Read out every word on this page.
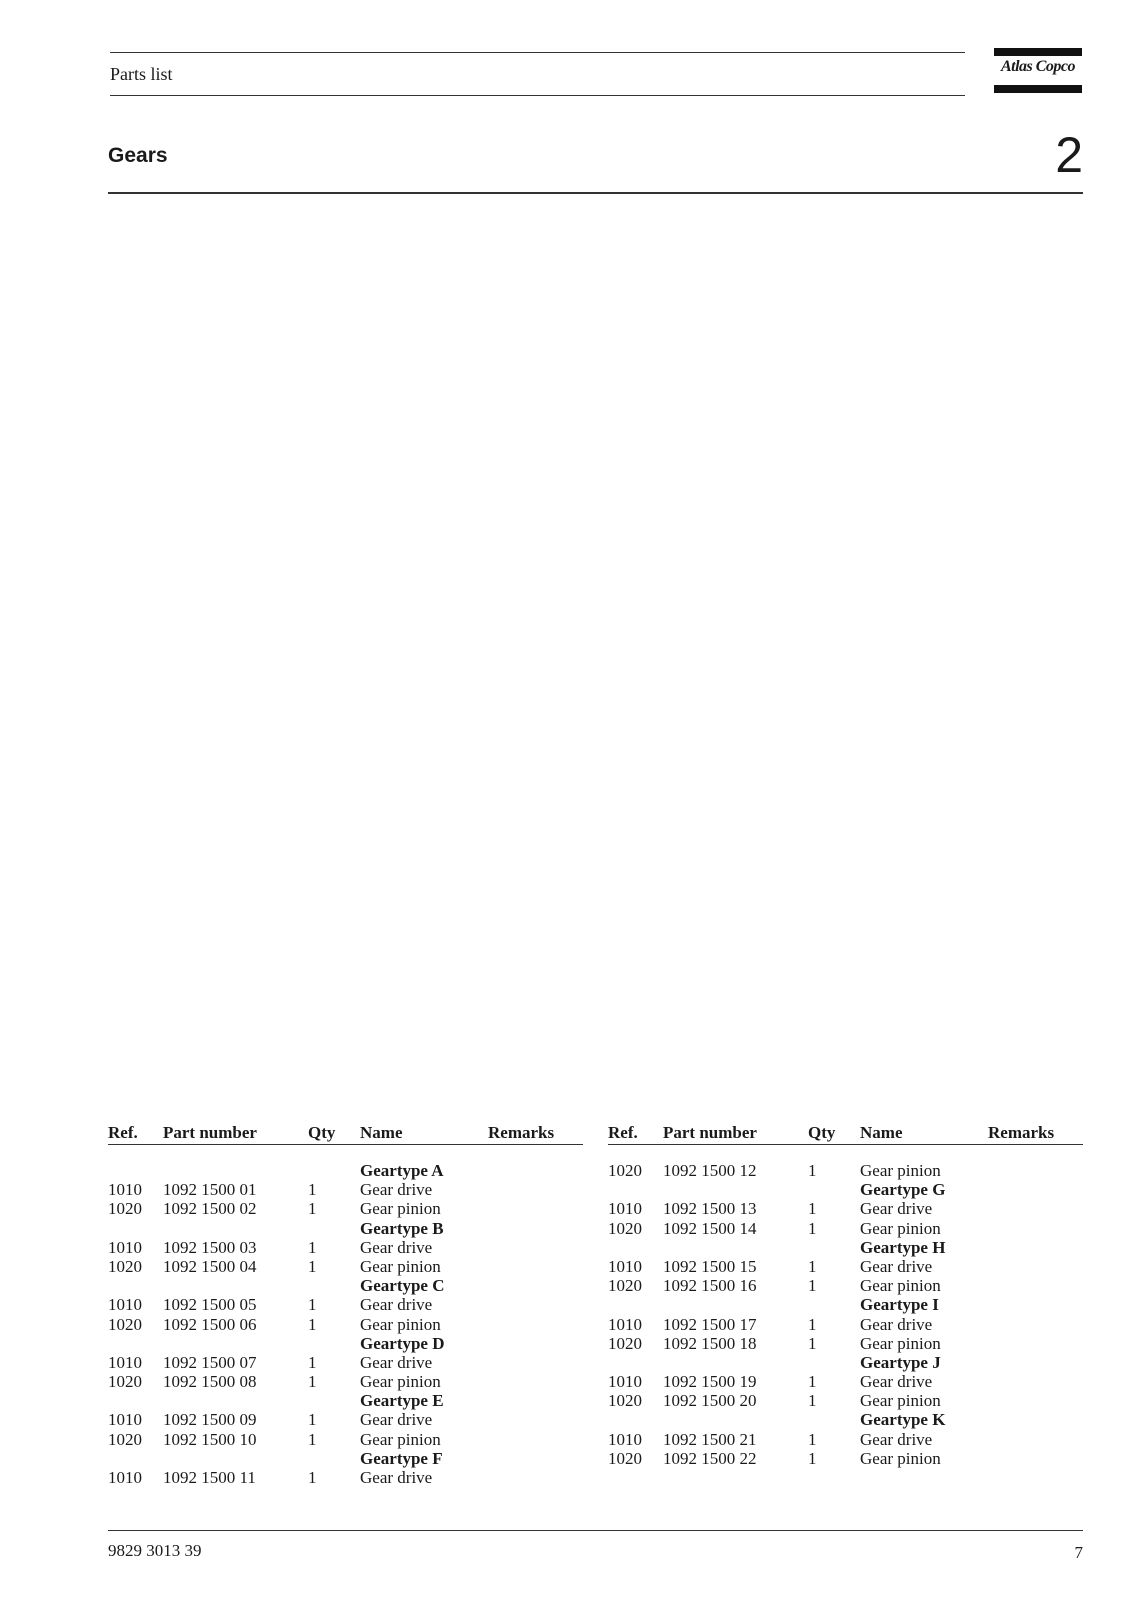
Parts list	Atlas Copco
Gears	2
Ref. Part number	Qty Name	Remarks
Geartype A
1010 1092 1500 01	1	Gear drive
1020 1092 1500 02	1	Gear pinion
Geartype B
1010 1092 1500 03	1	Gear drive
1020 1092 1500 04	1	Gear pinion
Geartype C
1010 1092 1500 05	1	Gear drive
1020 1092 1500 06	1	Gear pinion
Geartype D
1010 1092 1500 07	1	Gear drive
1020 1092 1500 08	1	Gear pinion
Geartype E
1010 1092 1500 09	1	Gear drive
1020 1092 1500 10	1	Gear pinion
Geartype F
1010 1092 1500 11	1	Gear drive
Ref. Part number	Qty Name	Remarks
1020 1092 1500 12	1	Gear pinion
Geartype G
1010 1092 1500 13	1	Gear drive
1020 1092 1500 14	1	Gear pinion
Geartype H
1010 1092 1500 15	1	Gear drive
1020 1092 1500 16	1	Gear pinion
Geartype I
1010 1092 1500 17	1	Gear drive
1020 1092 1500 18	1	Gear pinion
Geartype J
1010 1092 1500 19	1	Gear drive
1020 1092 1500 20	1	Gear pinion
Geartype K
1010 1092 1500 21	1	Gear drive
1020 1092 1500 22	1	Gear pinion
9829 3013 39	7
